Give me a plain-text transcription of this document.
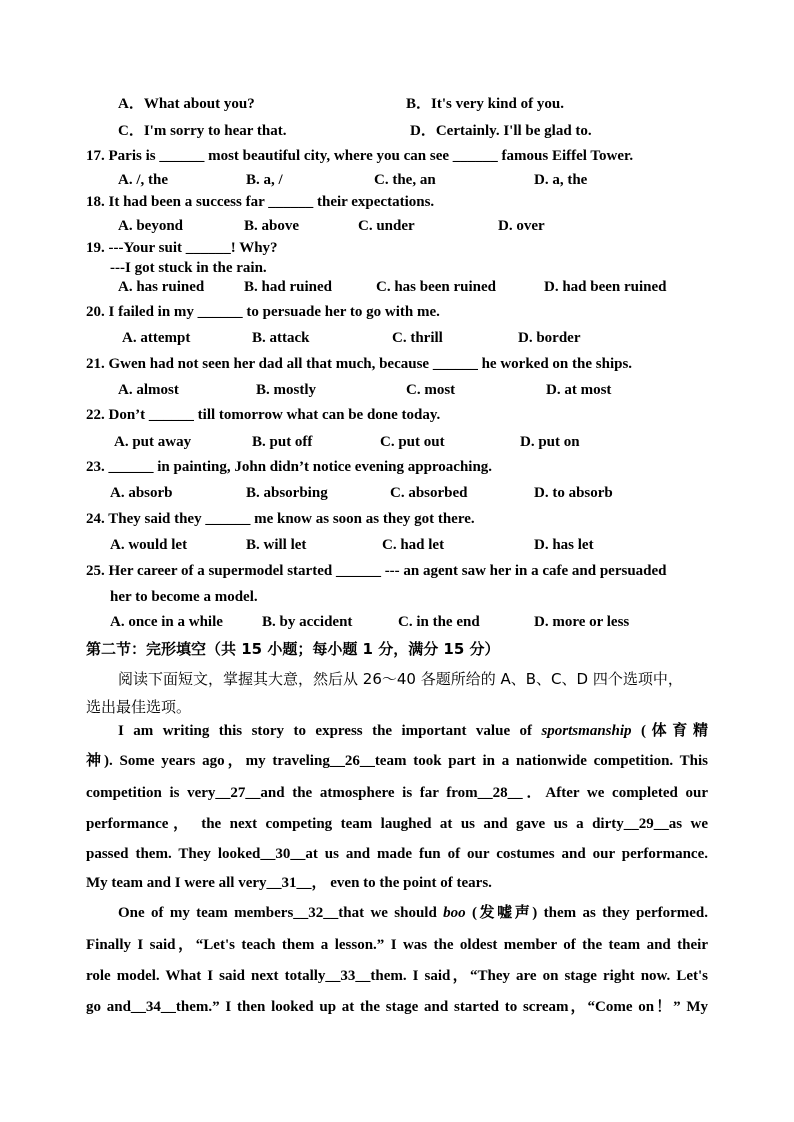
A．What about you?	B．It's very kind of you.
C．I'm sorry to hear that.	D．Certainly. I'll be glad to.
17. Paris is ______ most beautiful city, where you can see ______ famous Eiffel Tower.
A. /, the	B. a, /	C. the, an	D. a, the
18. It had been a success far ______ their expectations.
A. beyond	B. above	C. under	D. over
19. ---Your suit ______! Why?
---I got stuck in the rain.
A. has ruined	B. had ruined	C. has been ruined	D. had been ruined
20. I failed in my ______ to persuade her to go with me.
A. attempt	B. attack	C. thrill	D. border
21. Gwen had not seen her dad all that much, because ______ he worked on the ships.
A. almost	B. mostly	C. most	D. at most
22. Don’t ______ till tomorrow what can be done today.
A. put away	B. put off	C. put out	D. put on
23. ______ in painting, John didn’t notice evening approaching.
A. absorb	B. absorbing	C. absorbed	D. to absorb
24. They said they ______ me know as soon as they got there.
A. would let	B. will let	C. had let	D. has let
25. Her career of a supermodel started ______ --- an agent saw her in a cafe and persuaded
her to become a model.
A. once in a while	B. by accident	C. in the end	D. more or less
第二节：完形填空（共 15 小题；每小题 1 分，满分 15 分）
阅读下面短文，掌握其大意，然后从 26～40 各题所给的 A、B、C、D 四个选项中，
选出最佳选项。
I am writing this story to express the important value of sportsmanship (体育精
神). Some years ago，my traveling__26__team took part in a nationwide competition. This
competition is very__27__and the atmosphere is far from__28__．After we completed our
performance， the next competing team laughed at us and gave us a dirty__29__as we
passed them. They looked__30__at us and made fun of our costumes and our performance.
My team and I were all very__31__， even to the point of tears.
One of my team members__32__that we should boo (发嘘声) them as they performed.
Finally I said，“Let's teach them a lesson.” I was the oldest member of the team and their
role model. What I said next totally__33__them. I said，“They are on stage right now. Let's
go and__34__them.” I then looked up at the stage and started to scream，“Come on！” My
